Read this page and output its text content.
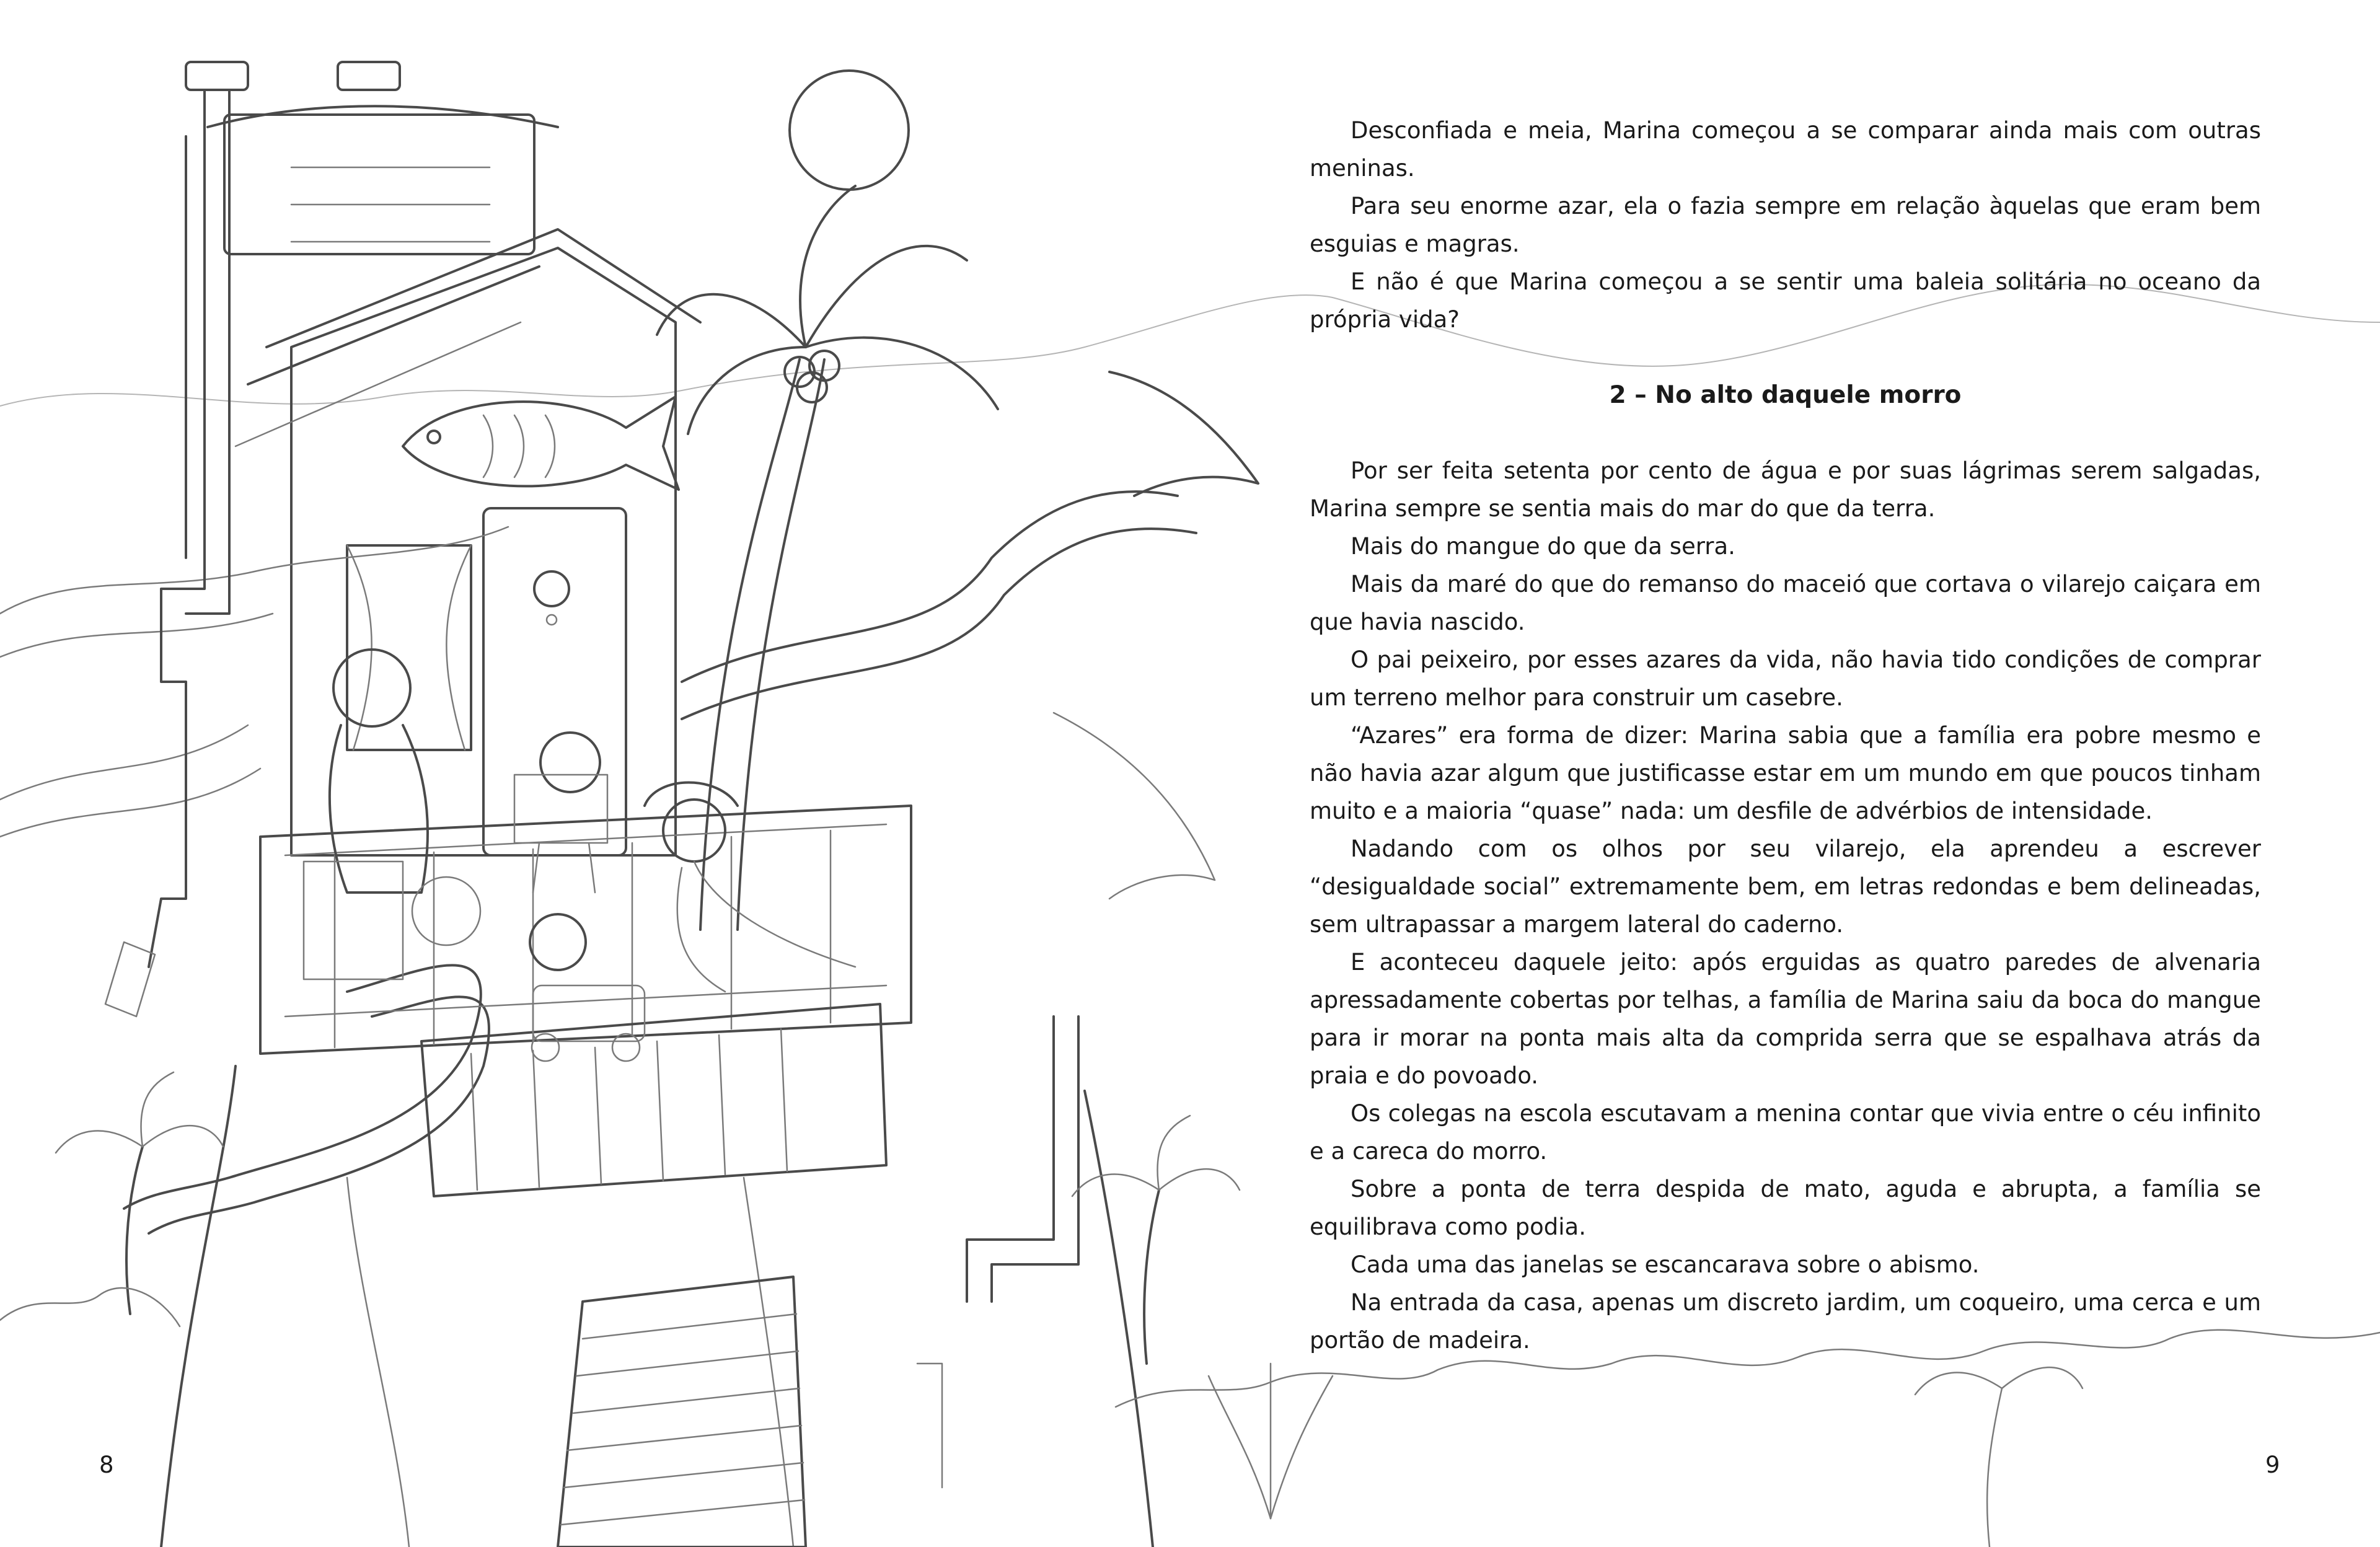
Desconfiada e meia, Marina começou a se comparar ainda mais com outras meninas.

Para seu enorme azar, ela o fazia sempre em relação àquelas que eram bem esguias e magras.

E não é que Marina começou a se sentir uma baleia solitária no oceano da própria vida?

2 – No alto daquele morro

Por ser feita setenta por cento de água e por suas lágrimas serem salgadas, Marina sempre se sentia mais do mar do que da terra.

Mais do mangue do que da serra.

Mais da maré do que do remanso do maceió que cortava o vilarejo caiçara em que havia nascido.

O pai peixeiro, por esses azares da vida, não havia tido condições de comprar um terreno melhor para construir um casebre.

“Azares” era forma de dizer: Marina sabia que a família era pobre mesmo e não havia azar algum que justificasse estar em um mundo em que poucos tinham muito e a maioria “quase” nada: um desfile de advérbios de intensidade.

Nadando com os olhos por seu vilarejo, ela aprendeu a escrever “desigualdade social” extremamente bem, em letras redondas e bem delineadas, sem ultrapassar a margem lateral do caderno.

E aconteceu daquele jeito: após erguidas as quatro paredes de alvenaria apressadamente cobertas por telhas, a família de Marina saiu da boca do mangue para ir morar na ponta mais alta da comprida serra que se espalhava atrás da praia e do povoado.

Os colegas na escola escutavam a menina contar que vivia entre o céu infinito e a careca do morro.

Sobre a ponta de terra despida de mato, aguda e abrupta, a família se equilibrava como podia.

Cada uma das janelas se escancarava sobre o abismo.

Na entrada da casa, apenas um discreto jardim, um coqueiro, uma cerca e um portão de madeira.

8	9
